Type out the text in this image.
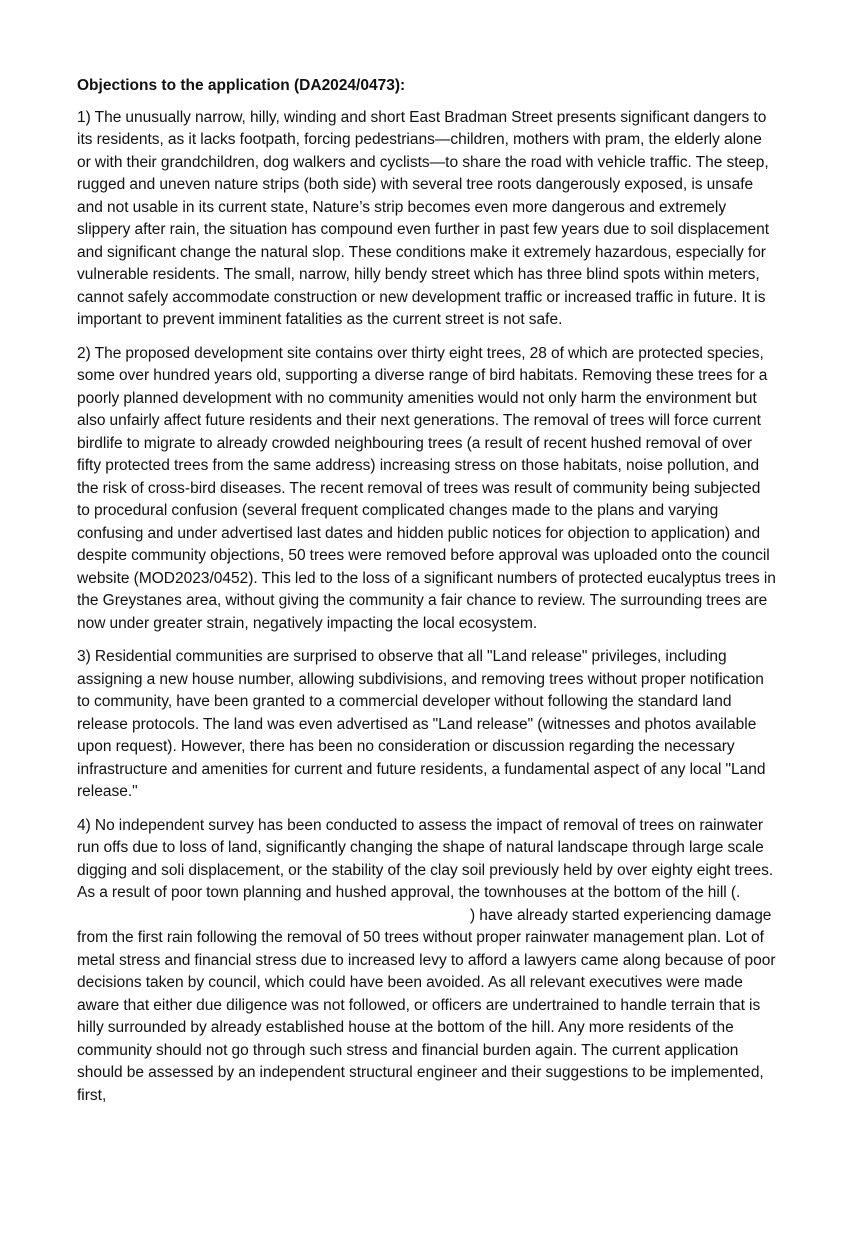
Objections to the application (DA2024/0473):

1) The unusually narrow, hilly, winding and short East Bradman Street presents significant dangers to its residents, as it lacks footpath, forcing pedestrians—children, mothers with pram, the elderly alone or with their grandchildren, dog walkers and cyclists—to share the road with vehicle traffic. The steep, rugged and uneven nature strips (both side) with several tree roots dangerously exposed, is unsafe and not usable in its current state, Nature’s strip becomes even more dangerous and extremely slippery after rain, the situation has compound even further in past few years due to soil displacement and significant change the natural slop. These conditions make it extremely hazardous, especially for vulnerable residents. The small, narrow, hilly bendy street which has three blind spots within meters, cannot safely accommodate construction or new development traffic or increased traffic in future. It is important to prevent imminent fatalities as the current street is not safe.

2) The proposed development site contains over thirty eight trees, 28 of which are protected species, some over hundred years old, supporting a diverse range of bird habitats. Removing these trees for a poorly planned development with no community amenities would not only harm the environment but also unfairly affect future residents and their next generations. The removal of trees will force current birdlife to migrate to already crowded neighbouring trees (a result of recent hushed removal of over fifty protected trees from the same address) increasing stress on those habitats, noise pollution, and the risk of cross-bird diseases. The recent removal of trees was result of community being subjected to procedural confusion (several frequent complicated changes made to the plans and varying confusing and under advertised last dates and hidden public notices for objection to application) and despite community objections, 50 trees were removed before approval was uploaded onto the council website (MOD2023/0452). This led to the loss of a significant numbers of protected eucalyptus trees in the Greystanes area, without giving the community a fair chance to review. The surrounding trees are now under greater strain, negatively impacting the local ecosystem.

3) Residential communities are surprised to observe that all "Land release" privileges, including assigning a new house number, allowing subdivisions, and removing trees without proper notification to community, have been granted to a commercial developer without following the standard land release protocols. The land was even advertised as "Land release" (witnesses and photos available upon request). However, there has been no consideration or discussion regarding the necessary infrastructure and amenities for current and future residents, a fundamental aspect of any local "Land release."

4) No independent survey has been conducted to assess the impact of removal of trees on rainwater run offs due to loss of land, significantly changing the shape of natural landscape through large scale digging and soli displacement, or the stability of the clay soil previously held by over eighty eight trees. As a result of poor town planning and hushed approval, the townhouses at the bottom of the hill (.) have already started experiencing damage from the first rain following the removal of 50 trees without proper rainwater management plan. Lot of metal stress and financial stress due to increased levy to afford a lawyers came along because of poor decisions taken by council, which could have been avoided. As all relevant executives were made aware that either due diligence was not followed, or officers are undertrained to handle terrain that is hilly surrounded by already established house at the bottom of the hill. Any more residents of the community should not go through such stress and financial burden again. The current application should be assessed by an independent structural engineer and their suggestions to be implemented, first,
